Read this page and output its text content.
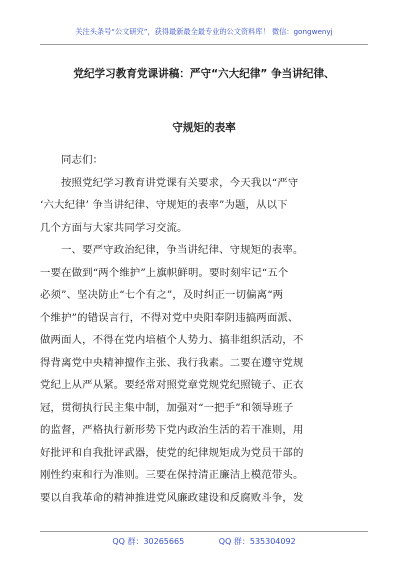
关注头条号“公文研究”，获得最新最全最专业的公文资料库！ 微信：gongwenyj
党纪学习教育党课讲稿：严守“六大纪律” 争当讲纪律、
守规矩的表率
同志们：
按照党纪学习教育讲党课有关要求，今天我以“严守
‘六大纪律’ 争当讲纪律、守规矩的表率”为题，从以下
几个方面与大家共同学习交流。
一、要严守政治纪律，争当讲纪律、守规矩的表率。
一要在做到“两个维护”上旗帜鲜明。要时刻牢记“五个
必须”、坚决防止“七个有之”，及时纠正一切偏离“两
个维护”的错误言行，不得对党中央阳奉阴违搞两面派、
做两面人，不得在党内培植个人势力、搞非组织活动，不
得背离党中央精神擅作主张、我行我素。二要在遵守党规
党纪上从严从紧。要经常对照党章党规党纪照镜子、正衣
冠，贯彻执行民主集中制，加强对“一把手”和领导班子
的监督，严格执行新形势下党内政治生活的若干准则，用
好批评和自我批评武器，使党的纪律规矩成为党员干部的
刚性约束和行为准则。三要在保持清正廉洁上模范带头。
要以自我革命的精神推进党风廉政建设和反腐败斗争，发
QQ 群：30265665	QQ 群：535304092
